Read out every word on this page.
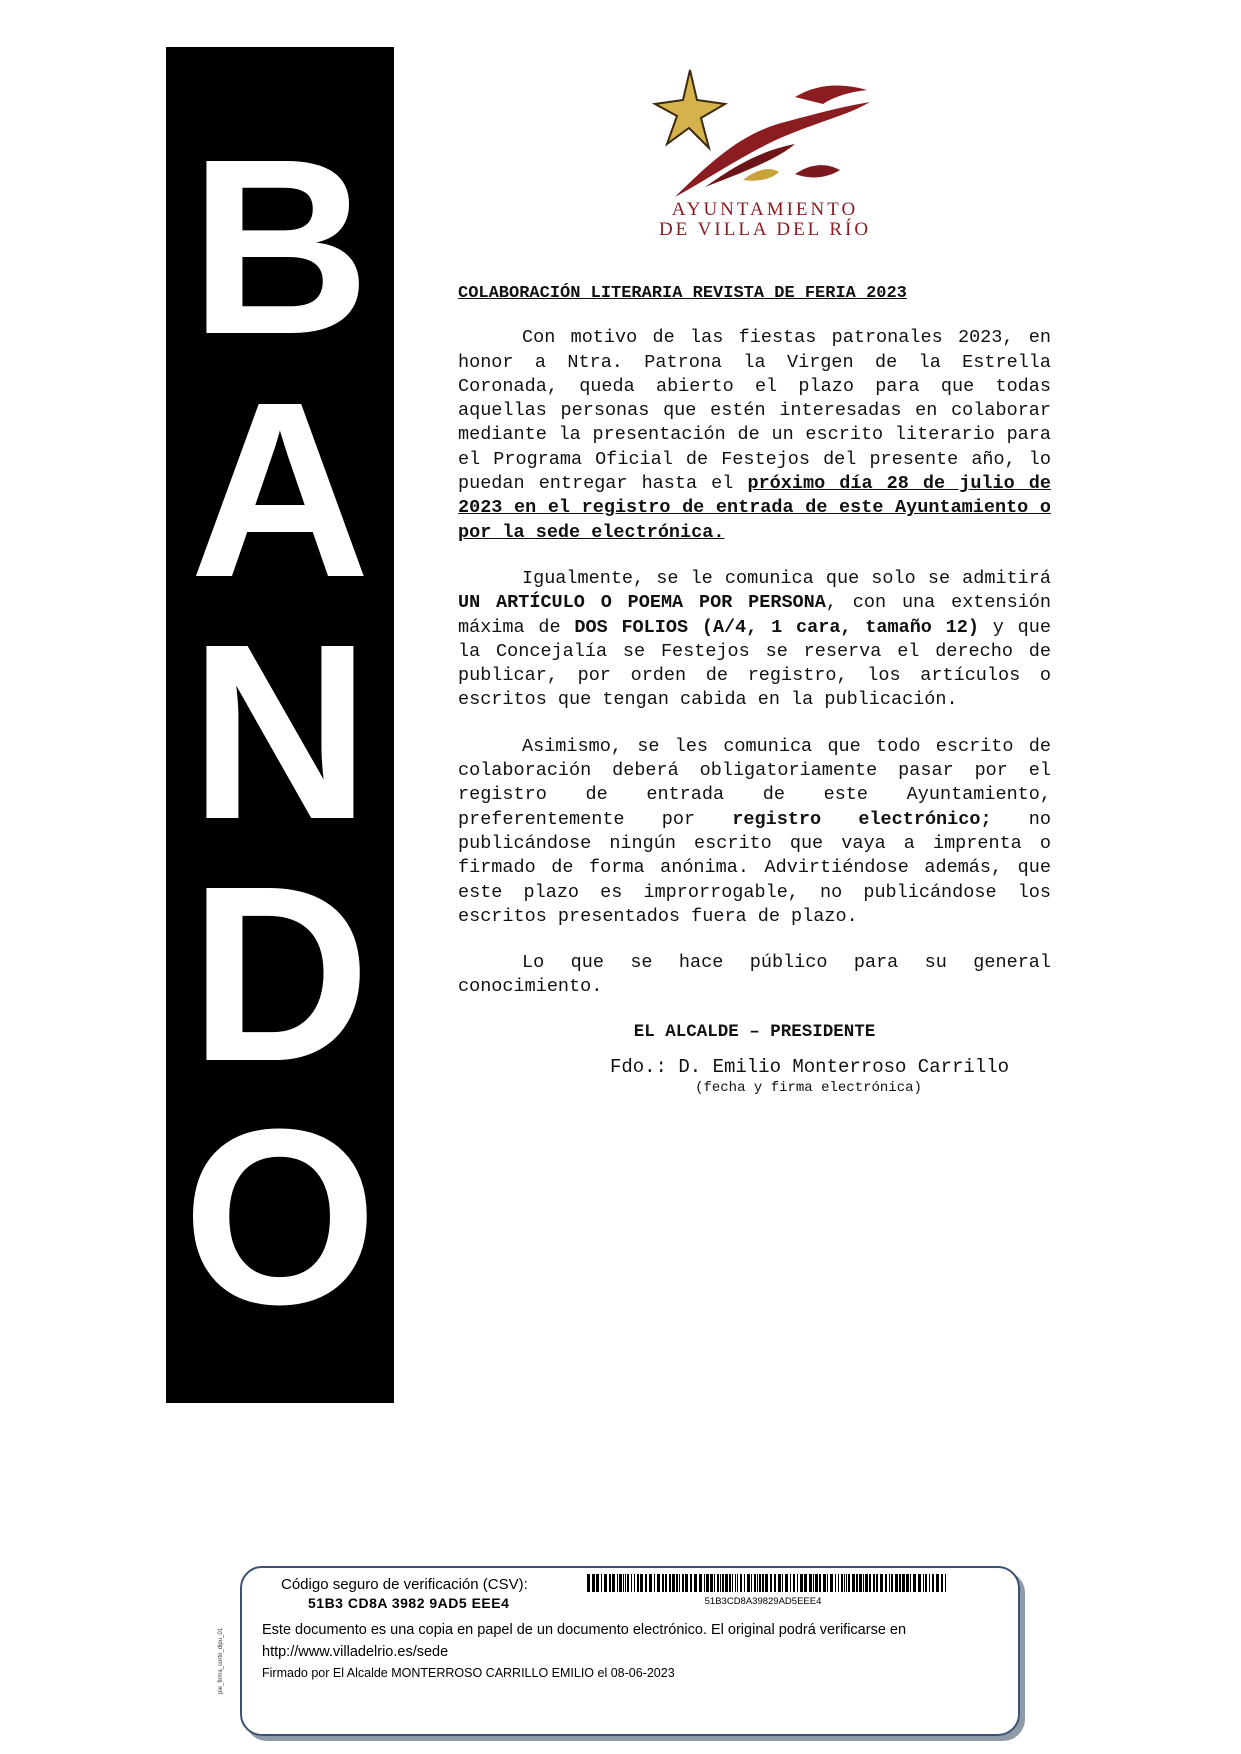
B
A
N
D
O
AYUNTAMIENTO
DE VILLA DEL RÍO
COLABORACIÓN LITERARIA REVISTA DE FERIA 2023

Con motivo de las fiestas patronales 2023, en honor a Ntra. Patrona la Virgen de la Estrella Coronada, queda abierto el plazo para que todas aquellas personas que estén interesadas en colaborar mediante la presentación de un escrito literario para el Programa Oficial de Festejos del presente año, lo puedan entregar hasta el próximo día 28 de julio de 2023 en el registro de entrada de este Ayuntamiento o por la sede electrónica.

Igualmente, se le comunica que solo se admitirá UN ARTÍCULO O POEMA POR PERSONA, con una extensión máxima de DOS FOLIOS (A/4, 1 cara, tamaño 12) y que la Concejalía se Festejos se reserva el derecho de publicar, por orden de registro, los artículos o escritos que tengan cabida en la publicación.

Asimismo, se les comunica que todo escrito de colaboración deberá obligatoriamente pasar por el registro de entrada de este Ayuntamiento, preferentemente por registro electrónico; no publicándose ningún escrito que vaya a imprenta o firmado de forma anónima. Advirtiéndose además, que este plazo es improrrogable, no publicándose los escritos presentados fuera de plazo.

Lo que se hace público para su general conocimiento.

EL ALCALDE – PRESIDENTE
Fdo.: D. Emilio Monterroso Carrillo
(fecha y firma electrónica)
Código seguro de verificación (CSV):
51B3 CD8A 3982 9AD5 EEE4	51B3CD8A39829AD5EEE4
Este documento es una copia en papel de un documento electrónico. El original podrá verificarse en http://www.villadelrio.es/sede
Firmado por El Alcalde MONTERROSO CARRILLO EMILIO el 08-06-2023
pie_firma_corto_dipu_01
